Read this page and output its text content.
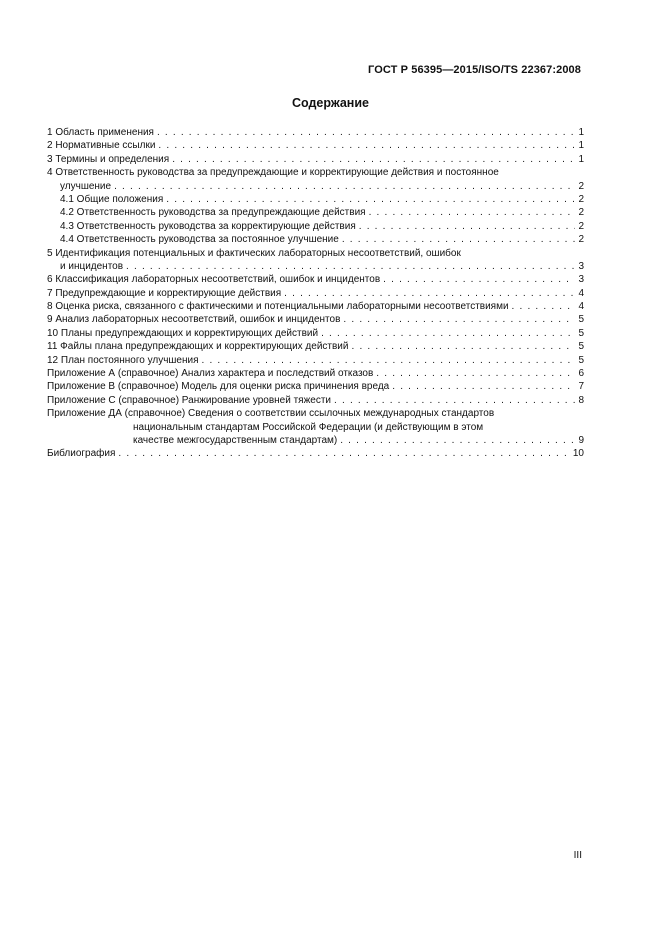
ГОСТ Р 56395—2015/ISO/TS 22367:2008
Содержание
1 Область применения . . .	1
2 Нормативные ссылки . . .	1
3 Термины и определения . . .	1
4 Ответственность руководства за предупреждающие и корректирующие действия и постоянное
улучшение . . .	2
4.1 Общие положения . . .	2
4.2 Ответственность руководства за предупреждающие действия . . .	2
4.3 Ответственность руководства за корректирующие действия . . .	2
4.4 Ответственность руководства за постоянное улучшение . . .	2
5 Идентификация потенциальных и фактических лабораторных несоответствий, ошибок
и инцидентов . . .	3
6 Классификация лабораторных несоответствий, ошибок и инцидентов . . .	3
7 Предупреждающие и корректирующие действия . . .	4
8 Оценка риска, связанного с фактическими и потенциальными лабораторными несоответствиями . . .	4
9 Анализ лабораторных несоответствий, ошибок и инцидентов . . .	5
10 Планы предупреждающих и корректирующих действий . . .	5
11 Файлы плана предупреждающих и корректирующих действий . . .	5
12 План постоянного улучшения . . .	5
Приложение А (справочное) Анализ характера и последствий отказов . . .	6
Приложение В (справочное) Модель для оценки риска причинения вреда . . .	7
Приложение С (справочное) Ранжирование уровней тяжести . . .	8
Приложение ДА (справочное) Сведения о соответствии ссылочных международных стандартов
национальным стандартам Российской Федерации (и действующим в этом
качестве межгосударственным стандартам) . . .	9
Библиография . . .	10
III
